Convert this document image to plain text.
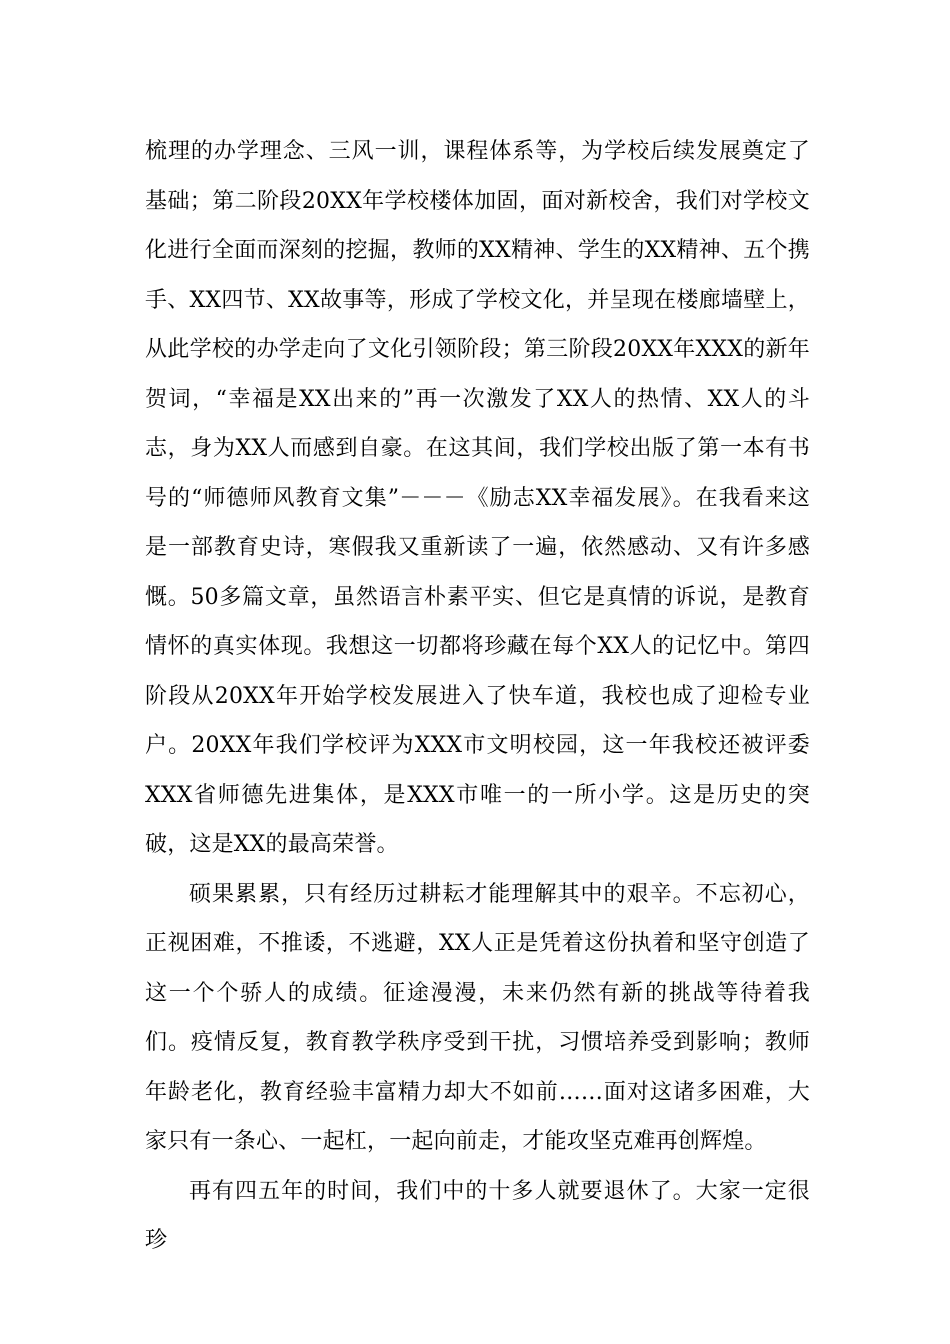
梳理的办学理念、三风一训，课程体系等，为学校后续发展奠定了基础；第二阶段20XX年学校楼体加固，面对新校舍，我们对学校文化进行全面而深刻的挖掘，教师的XX精神、学生的XX精神、五个携手、XX四节、XX故事等，形成了学校文化，并呈现在楼廊墙壁上，从此学校的办学走向了文化引领阶段；第三阶段20XX年XXX的新年贺词，“幸福是XX出来的”再一次激发了XX人的热情、XX人的斗志，身为XX人而感到自豪。在这其间，我们学校出版了第一本有书号的“师德师风教育文集”－－－《励志XX幸福发展》。在我看来这是一部教育史诗，寒假我又重新读了一遍，依然感动、又有许多感慨。50多篇文章，虽然语言朴素平实、但它是真情的诉说，是教育情怀的真实体现。我想这一切都将珍藏在每个XX人的记忆中。第四阶段从20XX年开始学校发展进入了快车道，我校也成了迎检专业户。20XX年我们学校评为XXX市文明校园，这一年我校还被评委XXX省师德先进集体，是XXX市唯一的一所小学。这是历史的突破，这是XX的最高荣誉。

硕果累累，只有经历过耕耘才能理解其中的艰辛。不忘初心，正视困难，不推诿，不逃避，XX人正是凭着这份执着和坚守创造了这一个个骄人的成绩。征途漫漫，未来仍然有新的挑战等待着我们。疫情反复，教育教学秩序受到干扰，习惯培养受到影响；教师年龄老化，教育经验丰富精力却大不如前……面对这诸多困难，大家只有一条心、一起杠，一起向前走，才能攻坚克难再创辉煌。

再有四五年的时间，我们中的十多人就要退休了。大家一定很珍
